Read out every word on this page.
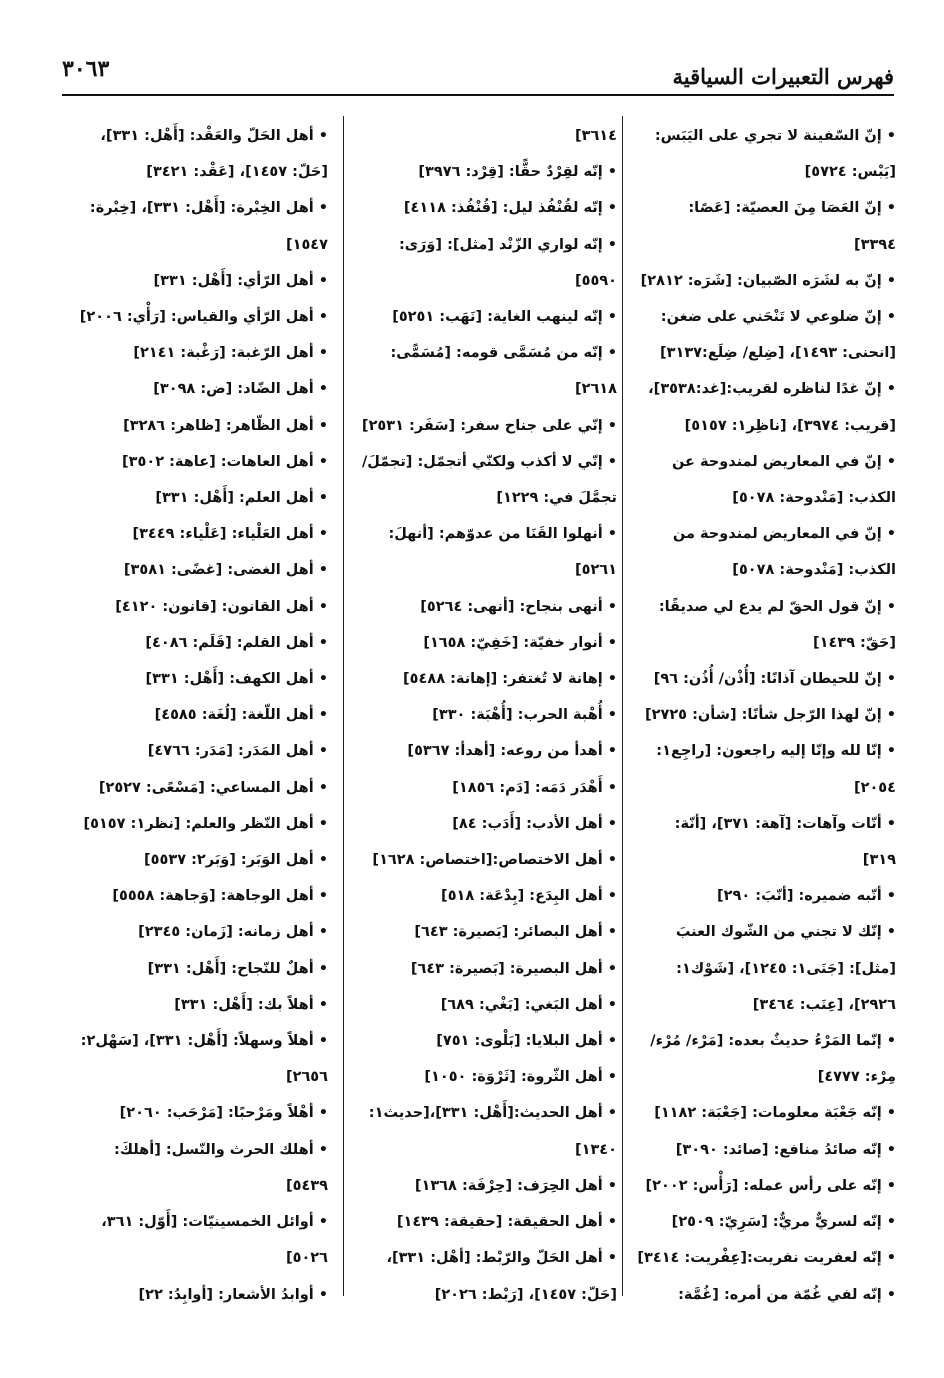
فهرس التعبيرات السياقية
٣٠٦٣
•إنّ السّفينة لا تجري على اليَبَس:
[يَبْس: ٥٧٢٤]
•إنّ العَصَا مِنَ العصيّة: [عَصًا:
٣٣٩٤]
•إنّ به لشَرَه الصّبيان: [شَرَه: ٢٨١٢]
•إنّ ضلوعي لا تَنْحَني على ضغن:
[انحنى: ١٤٩٣]، [ضِلع/ ضِلَع:٣١٣٧]
•إنّ غدًا لناظره لقريب:[غد:٣٥٣٨]،
[قريب: ٣٩٧٤]، [ناظِر١: ٥١٥٧]
•إنّ في المعاريض لمندوحة عن
الكذب: [مَنْدوحة: ٥٠٧٨]
•إنّ في المعاريض لمندوحة من
الكذب: [مَنْدوحة: ٥٠٧٨]
•إنّ قول الحقّ لم يدع لي صديقًا:
[حَقّ: ١٤٣٩]
•إنّ للحيطان آذانًا: [أُذْن/ أُذُن: ٩٦]
•إنّ لهذا الرّجل شأنًا: [شأن: ٢٧٢٥]
•إنّا لله وإنّا إليه راجعون: [راجِع١:
٢٠٥٤]
•أنّات وآهات: [آهة: ٣٧١]، [أنّة:
٣١٩]
•أنّبه ضميره: [أنّبَ: ٢٩٠]
•إنّك لا تجني من الشّوك العنبَ
[مثل]: [جَنَى١: ١٢٤٥]، [شَوْك١:
٢٩٢٦]، [عِنَب: ٣٤٦٤]
•إنّما المَرْءُ حديثٌ بعده: [مَرْء/ مُرْء/
مِرْء: ٤٧٧٧]
•إنّه جَعْبَة معلومات: [جَعْبَة: ١١٨٢]
•إنّه صائدُ منافع: [صائد: ٣٠٩٠]
•إنّه على رأس عمله: [رَأْس: ٢٠٠٢]
•إنّه لسريٌّ مريٌّ: [سَرِيّ: ٢٥٠٩]
•إنّه لعفريت نفريت:[عِفْريت: ٣٤١٤]
•إنّه لفي غُمّة من أمره: [غُمَّة:
٣٦١٤]
•إنّه لقِرْدٌ حقًّا: [قِرْد: ٣٩٧٦]
•إنّه لقُنْفُذ ليل: [قُنْفُذ: ٤١١٨]
•إنّه لواري الزّنْد [مثل]: [وَرَى:
٥٥٩٠]
•إنّه لينهب الغاية: [نَهَب: ٥٢٥١]
•إنّه من مُسَمَّى قومه: [مُسَمًّى:
٢٦١٨]
•إنّي على جناح سفر: [سَفَر: ٢٥٣١]
•إنّي لا أكذب ولكنّي أتجمّل: [تجمّلَ/
تجمَّلَ في: ١٢٢٩]
•أنهلوا القَنَا من عدوّهم: [أنهلَ:
٥٢٦١]
•أنهى بنجاح: [أنهى: ٥٢٦٤]
•أنوار خفيّة: [خَفِيّ: ١٦٥٨]
•إهانة لا تُغتفر: [إهانة: ٥٤٨٨]
•أُهْبة الحرب: [أُهْبَة: ٣٣٠]
•أهدأ من روعه: [أهدأ: ٥٣٦٧]
•أَهْدَر دَمَه: [دَم: ١٨٥٦]
•أهل الأدب: [أَدَب: ٨٤]
•أهل الاختصاص:[اختصاص: ١٦٢٨]
•أهل البِدَع: [بِدْعَة: ٥١٨]
•أهل البصائر: [بَصيرة: ٦٤٣]
•أهل البصيرة: [بَصيرة: ٦٤٣]
•أهل البَغي: [بَغْي: ٦٨٩]
•أهل البلايا: [بَلْوى: ٧٥١]
•أهل الثّروة: [ثَرْوَة: ١٠٥٠]
•أهل الحديث:[أَهْل: ٣٣١]،[حديث١:
١٣٤٠]
•أهل الحِرَف: [حِرْفَة: ١٣٦٨]
•أهل الحقيقة: [حقيقة: ١٤٣٩]
•أهل الحَلّ والرّبْط: [أهْل: ٣٣١]،
[حَلّ: ١٤٥٧]، [رَبْط: ٢٠٢٦]
•أهل الحَلّ والعَقْد: [أَهْل: ٣٣١]،
[حَلّ: ١٤٥٧]، [عَقْد: ٣٤٢١]
•أهل الخِبْرة: [أَهْل: ٣٣١]، [خِبْرة:
١٥٤٧]
•أهل الرّأي: [أَهْل: ٣٣١]
•أهل الرّأي والقياس: [رَأْي: ٢٠٠٦]
•أهل الرّغبة: [رَغْبة: ٢١٤١]
•أهل الضّاد: [ض: ٣٠٩٨]
•أهل الظّاهر: [ظاهر: ٣٢٨٦]
•أهل العاهات: [عاهة: ٣٥٠٢]
•أهل العلم: [أَهْل: ٣٣١]
•أهل العَلْياء: [عَلْياء: ٣٤٤٩]
•أهل الغضى: [غضًى: ٣٥٨١]
•أهل القانون: [قانون: ٤١٢٠]
•أهل القلم: [قَلَم: ٤٠٨٦]
•أهل الكهف: [أَهْل: ٣٣١]
•أهل اللّغة: [لُغَة: ٤٥٨٥]
•أهل المَدَر: [مَدَر: ٤٧٦٦]
•أهل المساعي: [مَسْعًى: ٢٥٢٧]
•أهل النّظر والعلم: [نظر١: ٥١٥٧]
•أهل الوَبَر: [وَبَر٢: ٥٥٣٧]
•أهل الوجاهة: [وَجاهة: ٥٥٥٨]
•أهل زمانه: [زَمان: ٢٣٤٥]
•أهلٌ للنّجاح: [أَهْل: ٣٣١]
•أهلاً بك: [أَهْل: ٣٣١]
•أهلاً وسهلاً: [أَهْل: ٣٣١]، [سَهْل٢:
٢٦٥٦]
•أهْلاً ومَرْحبًا: [مَرْحَب: ٢٠٦٠]
•أهلك الحرث والنّسل: [أهلكَ:
٥٤٣٩]
•أوائل الخمسينيّات: [أَوّل: ٣٦١،
٥٠٢٦]
•أوابدُ الأشعار: [أوابِدُ: ٢٢]
